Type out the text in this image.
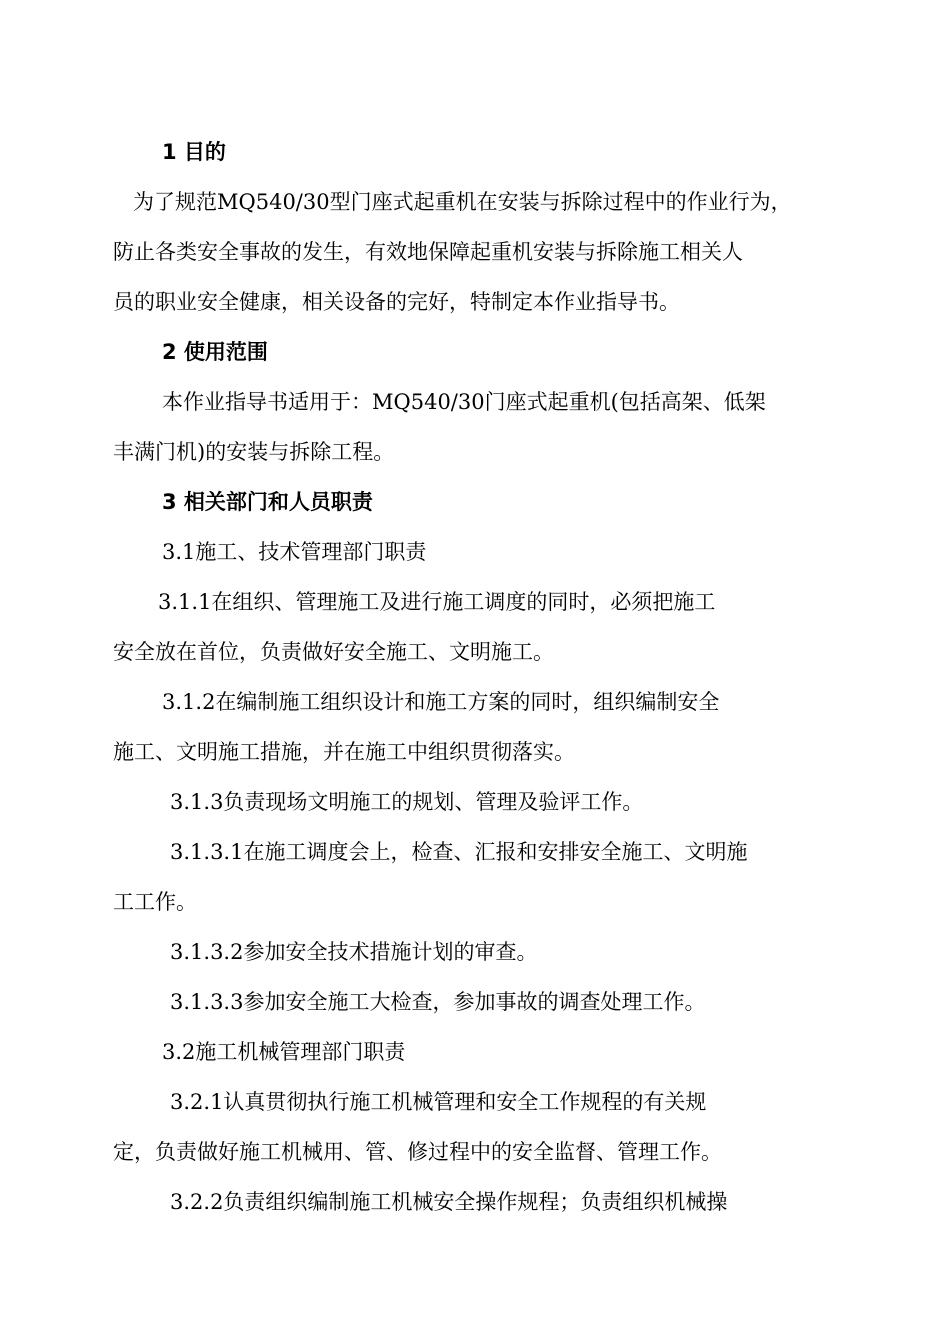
1 目的
为了规范MQ540/30型门座式起重机在安装与拆除过程中的作业行为，
防止各类安全事故的发生，有效地保障起重机安装与拆除施工相关人
员的职业安全健康，相关设备的完好，特制定本作业指导书。
2 使用范围
本作业指导书适用于：MQ540/30门座式起重机(包括高架、低架
丰满门机)的安装与拆除工程。
3 相关部门和人员职责
3.1施工、技术管理部门职责
3.1.1在组织、管理施工及进行施工调度的同时，必须把施工
安全放在首位，负责做好安全施工、文明施工。
3.1.2在编制施工组织设计和施工方案的同时，组织编制安全
施工、文明施工措施，并在施工中组织贯彻落实。
3.1.3负责现场文明施工的规划、管理及验评工作。
3.1.3.1在施工调度会上，检查、汇报和安排安全施工、文明施
工工作。
3.1.3.2参加安全技术措施计划的审查。
3.1.3.3参加安全施工大检查，参加事故的调查处理工作。
3.2施工机械管理部门职责
3.2.1认真贯彻执行施工机械管理和安全工作规程的有关规
定，负责做好施工机械用、管、修过程中的安全监督、管理工作。
3.2.2负责组织编制施工机械安全操作规程；负责组织机械操
